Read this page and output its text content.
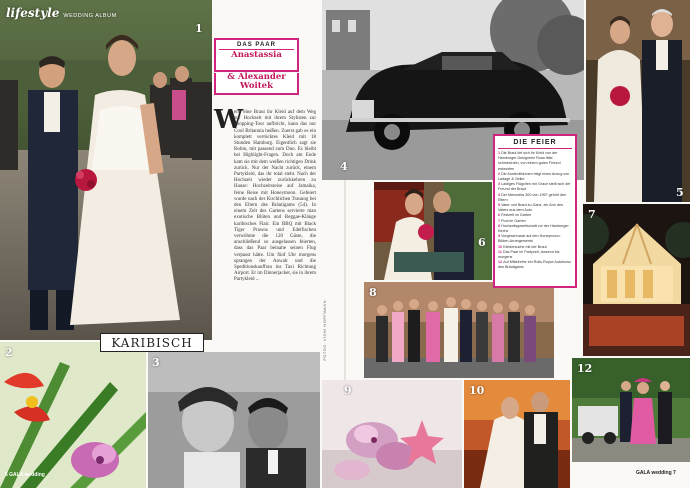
lifestyle WEDDING ALBUM
1
DAS PAAR
Anastassia
& Alexander
Woitek
W
enn eine Braut ihr Kleid auf dem Weg zur Hochzeit mit ihrem Stylisten zur Shopping-Tour aufbricht, kann das nur Cool Britannia heißen. Zuerst gab es ein komplett verrücktes Kleid mit 18 Stunden Hamburg. Eigentlich sagt sie Robin, mit passend zum Duo. Es bleibt bei Highlight-Fragen. Doch am Ende kam sie mit dem weißen richtigen Drink zurück. Nur der Nacht zurück, einem Partykleid, das ihr total steht. Nach der Hochzeit wieder zurückkehren zu Hause: Hochzeitsreise auf Jamaika, feine Reise mit Honeymoon. Gefeiert wurde nach der Kirchlichen Trauung bei den Eltern des Bräutigams (54). In einem Zelt des Gartens servierte man exotische Blüten und Reggae-Klänge karibisches Flair. Ein BBQ mit Black Tiger Prawns und Edelfischen verwöhnte die 120 Gäste, die anschließend so ausgelassen feierten, dass das Paar beinahe seinen Flug verpasst hätte. Um fünf Uhr morgens sprangen der Anwalt und die Speditionskauffrau ins Taxi Richtung Airport. Er im Dinnerjacket, sie in ihrem Partykleid ...
FOTOS: VISHI HOFFMANN
2
3
KARIBISCH
6 GALA wedding
4
5
6
7
8
DIE FEIER
1 Die Braut lief sich ihr Kleid von der Hamburger Designerin Rosa läfst schmeicheln, von einem guten Freund entworfen
2 Die Ansteckblumen trägt einen Anzug von Ladage & Oelke
3 Lastiges Flügchen mit Grace stellt sich der Freund der Braut
4 Der Mercedes 300 von 1957 gehört den Eltern
5 Vater und Braut zu Ganz, ein Arm des Vaters aus dem Auto
6 Festzelt im Garten
7 Pool im Garten
8 Hochzeitsgesellschaft vor der Hamburger Kirche
9 Vorgeschmack auf den Honeymoon: Blüten-Arrangements
10 Kleidersuche mit der Braut
11 Das Paar im Partyzelt, tanzend bis morgens
12 Auf Mittelreihe ein Rolls-Royce Autokorso des Bräutigams
9	10
12
GALA wedding 7
